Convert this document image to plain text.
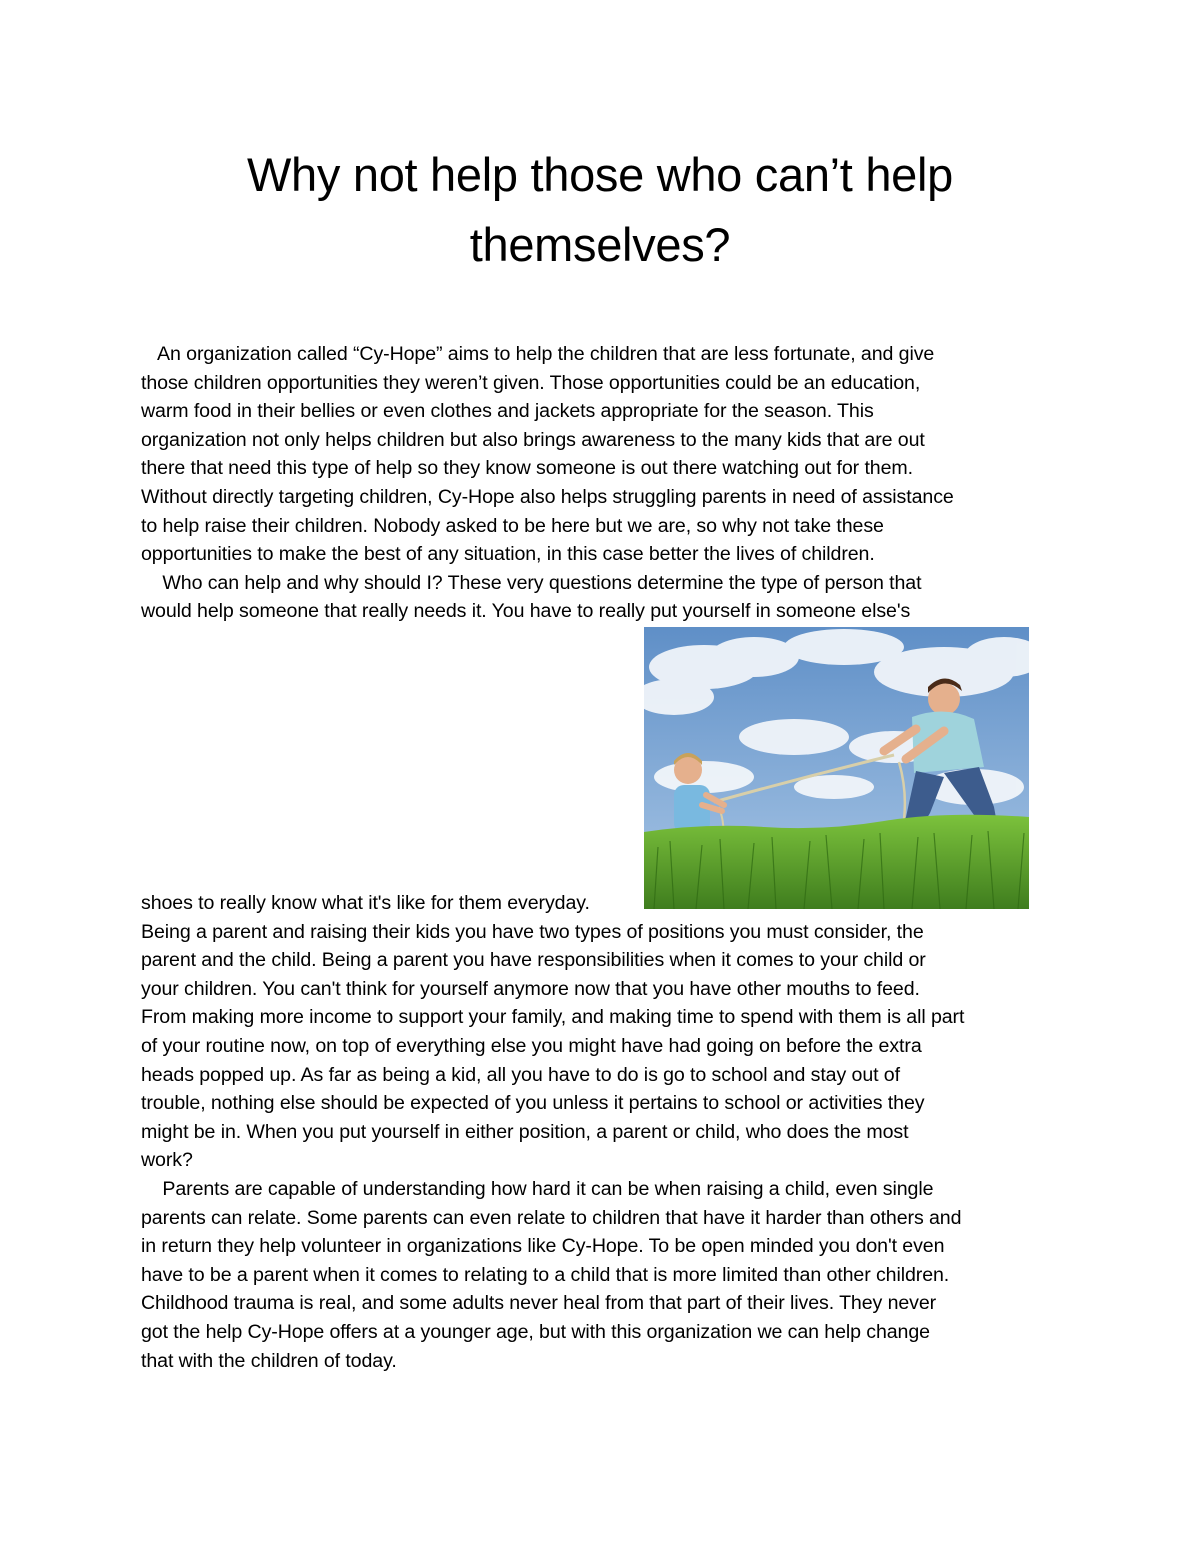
Why not help those who can’t help
themselves?

An organization called “Cy-Hope” aims to help the children that are less fortunate, and give
those children opportunities they weren’t given. Those opportunities could be an education,
warm food in their bellies or even clothes and jackets appropriate for the season. This
organization not only helps children but also brings awareness to the many kids that are out
there that need this type of help so they know someone is out there watching out for them.
Without directly targeting children, Cy-Hope also helps struggling parents in need of assistance
to help raise their children. Nobody asked to be here but we are, so why not take these
opportunities to make the best of any situation, in this case better the lives of children.
Who can help and why should I? These very questions determine the type of person that
would help someone that really needs it. You have to really put yourself in someone else's

shoes to really know what it's like for them everyday.
Being a parent and raising their kids you have two types of positions you must consider, the
parent and the child. Being a parent you have responsibilities when it comes to your child or
your children. You can't think for yourself anymore now that you have other mouths to feed.
From making more income to support your family, and making time to spend with them is all part
of your routine now, on top of everything else you might have had going on before the extra
heads popped up. As far as being a kid, all you have to do is go to school and stay out of
trouble, nothing else should be expected of you unless it pertains to school or activities they
might be in. When you put yourself in either position, a parent or child, who does the most
work?
Parents are capable of understanding how hard it can be when raising a child, even single
parents can relate. Some parents can even relate to children that have it harder than others and
in return they help volunteer in organizations like Cy-Hope. To be open minded you don't even
have to be a parent when it comes to relating to a child that is more limited than other children.
Childhood trauma is real, and some adults never heal from that part of their lives. They never
got the help Cy-Hope offers at a younger age, but with this organization we can help change
that with the children of today.
